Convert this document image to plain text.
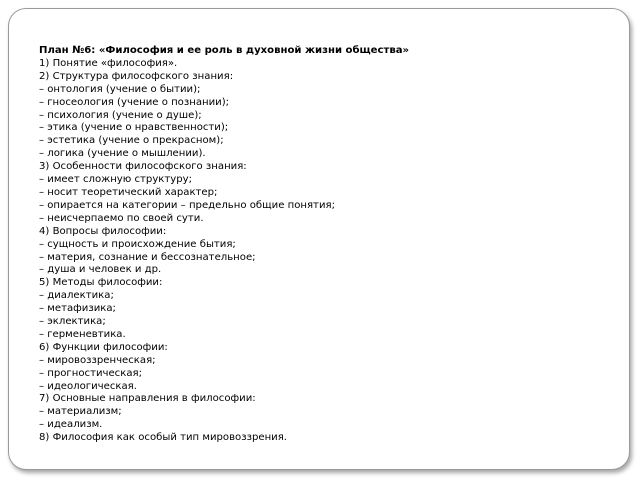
План №6: «Философия и ее роль в духовной жизни общества»
1) Понятие «философия».
2) Структура философского знания:
– онтология (учение о бытии);
– гносеология (учение о познании);
– психология (учение о душе);
– этика (учение о нравственности);
– эстетика (учение о прекрасном);
– логика (учение о мышлении).
3) Особенности философского знания:
– имеет сложную структуру;
– носит теоретический характер;
– опирается на категории – предельно общие понятия;
– неисчерпаемо по своей сути.
4) Вопросы философии:
– сущность и происхождение бытия;
– материя, сознание и бессознательное;
– душа и человек и др.
5) Методы философии:
– диалектика;
– метафизика;
– эклектика;
– герменевтика.
6) Функции философии:
– мировоззренческая;
– прогностическая;
– идеологическая.
7) Основные направления в философии:
– материализм;
– идеализм.
8) Философия как особый тип мировоззрения.
